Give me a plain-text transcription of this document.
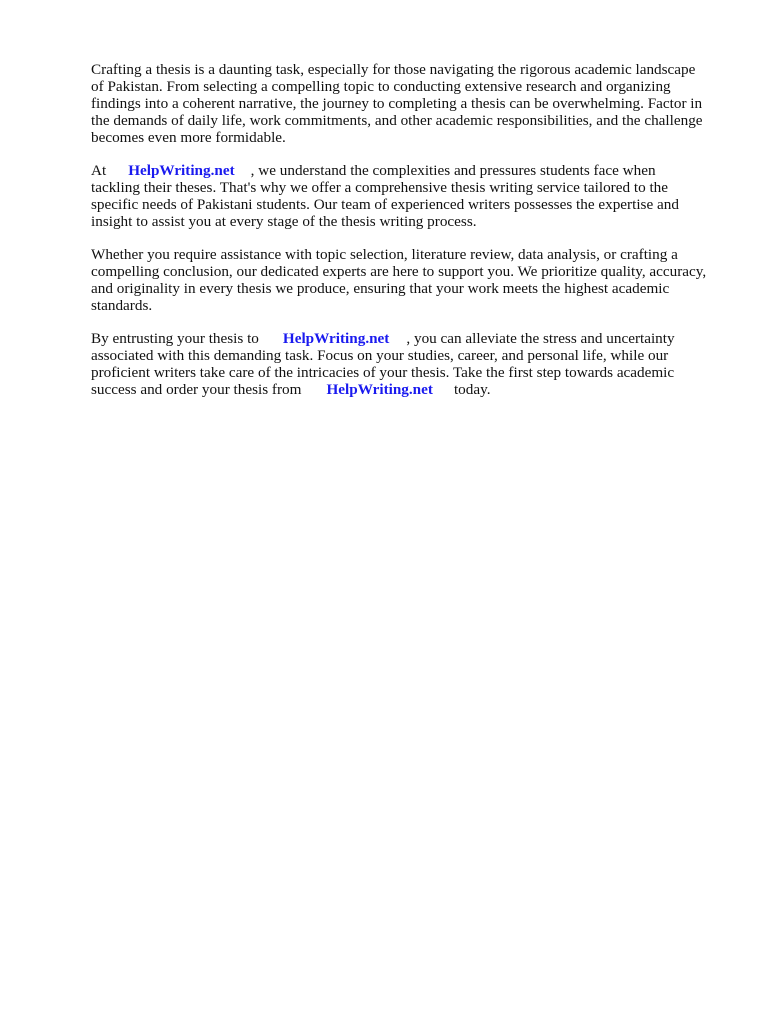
Crafting a thesis is a daunting task, especially for those navigating the rigorous academic landscape
of Pakistan. From selecting a compelling topic to conducting extensive research and organizing
findings into a coherent narrative, the journey to completing a thesis can be overwhelming. Factor in
the demands of daily life, work commitments, and other academic responsibilities, and the challenge
becomes even more formidable.

At HelpWriting.net , we understand the complexities and pressures students face when
tackling their theses. That's why we offer a comprehensive thesis writing service tailored to the
specific needs of Pakistani students. Our team of experienced writers possesses the expertise and
insight to assist you at every stage of the thesis writing process.

Whether you require assistance with topic selection, literature review, data analysis, or crafting a
compelling conclusion, our dedicated experts are here to support you. We prioritize quality, accuracy,
and originality in every thesis we produce, ensuring that your work meets the highest academic
standards.

By entrusting your thesis to HelpWriting.net , you can alleviate the stress and uncertainty
associated with this demanding task. Focus on your studies, career, and personal life, while our
proficient writers take care of the intricacies of your thesis. Take the first step towards academic
success and order your thesis from HelpWriting.net today.
